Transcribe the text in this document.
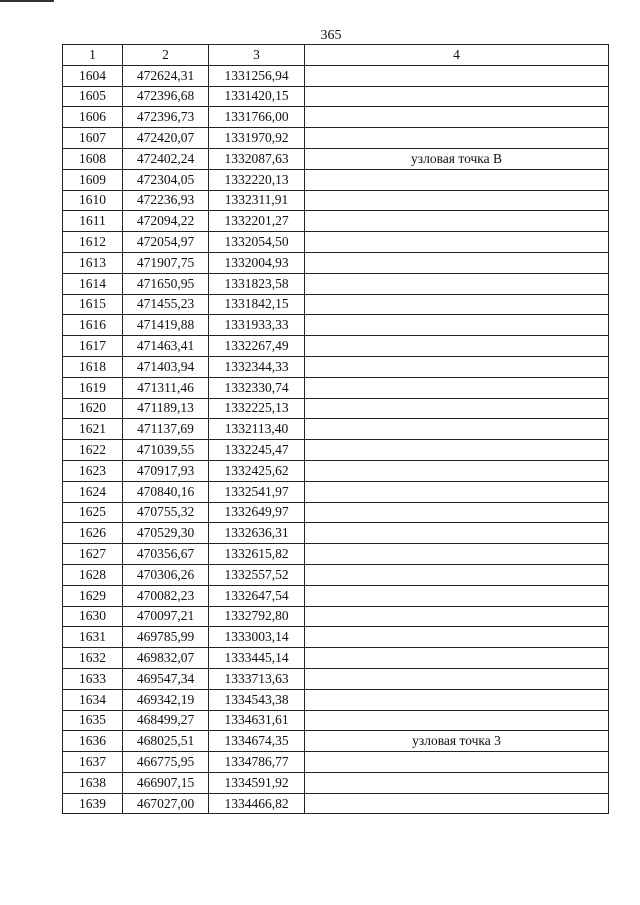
365
1	2	3	4
1604	472624,31	1331256,94	
1605	472396,68	1331420,15	
1606	472396,73	1331766,00	
1607	472420,07	1331970,92	
1608	472402,24	1332087,63	узловая точка В
1609	472304,05	1332220,13	
1610	472236,93	1332311,91	
1611	472094,22	1332201,27	
1612	472054,97	1332054,50	
1613	471907,75	1332004,93	
1614	471650,95	1331823,58	
1615	471455,23	1331842,15	
1616	471419,88	1331933,33	
1617	471463,41	1332267,49	
1618	471403,94	1332344,33	
1619	471311,46	1332330,74	
1620	471189,13	1332225,13	
1621	471137,69	1332113,40	
1622	471039,55	1332245,47	
1623	470917,93	1332425,62	
1624	470840,16	1332541,97	
1625	470755,32	1332649,97	
1626	470529,30	1332636,31	
1627	470356,67	1332615,82	
1628	470306,26	1332557,52	
1629	470082,23	1332647,54	
1630	470097,21	1332792,80	
1631	469785,99	1333003,14	
1632	469832,07	1333445,14	
1633	469547,34	1333713,63	
1634	469342,19	1334543,38	
1635	468499,27	1334631,61	
1636	468025,51	1334674,35	узловая точка 3
1637	466775,95	1334786,77	
1638	466907,15	1334591,92	
1639	467027,00	1334466,82	
